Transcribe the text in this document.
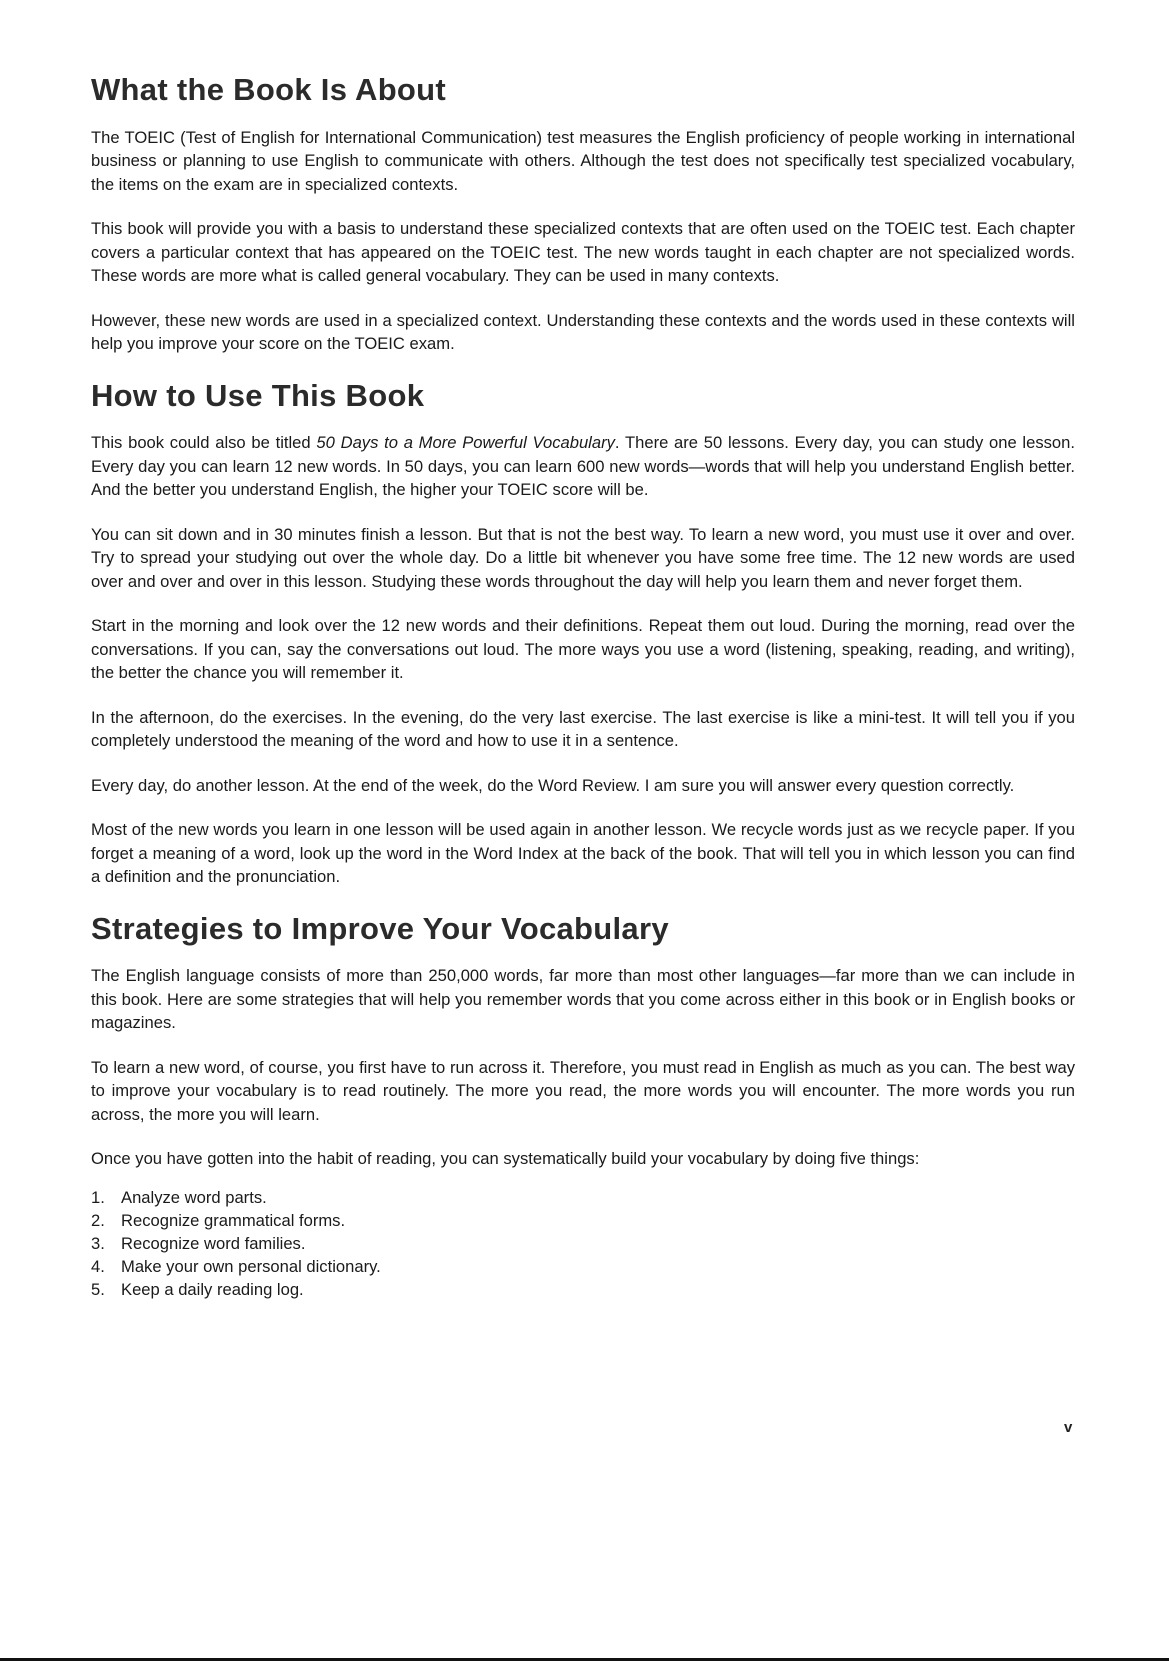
What the Book Is About

The TOEIC (Test of English for International Communication) test measures the English proficiency of people working in international business or planning to use English to communicate with others. Although the test does not specifically test specialized vocabulary, the items on the exam are in specialized contexts.

This book will provide you with a basis to understand these specialized contexts that are often used on the TOEIC test. Each chapter covers a particular context that has appeared on the TOEIC test. The new words taught in each chapter are not specialized words. These words are more what is called general vocabulary. They can be used in many contexts.

However, these new words are used in a specialized context. Understanding these contexts and the words used in these contexts will help you improve your score on the TOEIC exam.

How to Use This Book

This book could also be titled 50 Days to a More Powerful Vocabulary. There are 50 lessons. Every day, you can study one lesson. Every day you can learn 12 new words. In 50 days, you can learn 600 new words—words that will help you understand English better. And the better you understand English, the higher your TOEIC score will be.

You can sit down and in 30 minutes finish a lesson. But that is not the best way. To learn a new word, you must use it over and over. Try to spread your studying out over the whole day. Do a little bit whenever you have some free time. The 12 new words are used over and over and over in this lesson. Studying these words throughout the day will help you learn them and never forget them.

Start in the morning and look over the 12 new words and their definitions. Repeat them out loud. During the morning, read over the conversations. If you can, say the conversations out loud. The more ways you use a word (listening, speaking, reading, and writing), the better the chance you will remember it.

In the afternoon, do the exercises. In the evening, do the very last exercise. The last exercise is like a mini-test. It will tell you if you completely understood the meaning of the word and how to use it in a sentence.

Every day, do another lesson. At the end of the week, do the Word Review. I am sure you will answer every question correctly.

Most of the new words you learn in one lesson will be used again in another lesson. We recycle words just as we recycle paper. If you forget a meaning of a word, look up the word in the Word Index at the back of the book. That will tell you in which lesson you can find a definition and the pronunciation.

Strategies to Improve Your Vocabulary

The English language consists of more than 250,000 words, far more than most other languages—far more than we can include in this book. Here are some strategies that will help you remember words that you come across either in this book or in English books or magazines.

To learn a new word, of course, you first have to run across it. Therefore, you must read in English as much as you can. The best way to improve your vocabulary is to read routinely. The more you read, the more words you will encounter. The more words you run across, the more you will learn.

Once you have gotten into the habit of reading, you can systematically build your vocabulary by doing five things:

1. Analyze word parts.
2. Recognize grammatical forms.
3. Recognize word families.
4. Make your own personal dictionary.
5. Keep a daily reading log.
v
